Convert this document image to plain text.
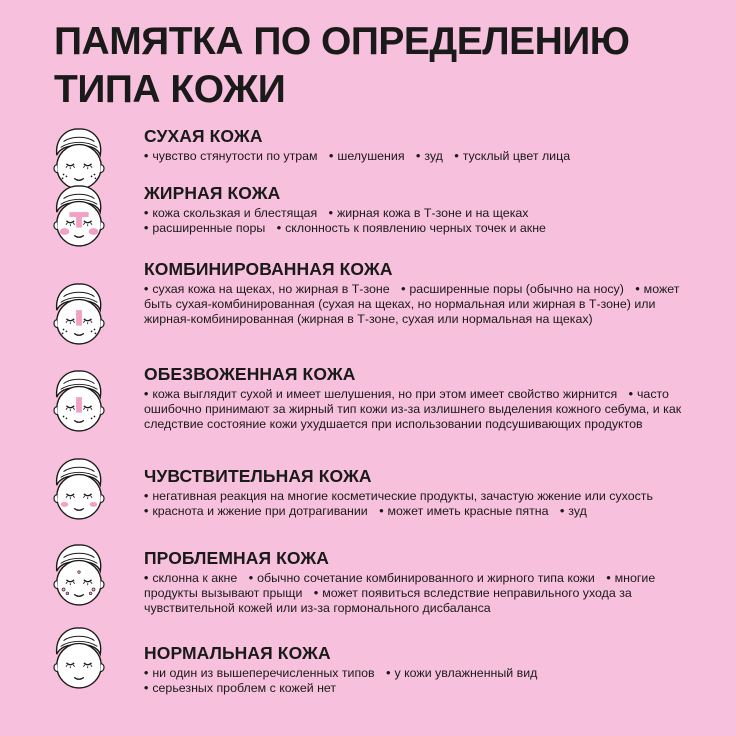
ПАМЯТКА ПО ОПРЕДЕЛЕНИЮ
ТИПА КОЖИ

СУХАЯ КОЖА

• чувство стянутости по утрам • шелушения • зуд • тусклый цвет лица

ЖИРНАЯ КОЖА

• кожа скользкая и блестящая • жирная кожа в Т-зоне и на щеках
• расширенные поры • склонность к появлению черных точек и акне

КОМБИНИРОВАННАЯ КОЖА

• сухая кожа на щеках, но жирная в Т-зоне • расширенные поры (обычно на носу) • может быть сухая-комбинированная (сухая на щеках, но нормальная или жирная в Т-зоне) или жирная-комбинированная (жирная в Т-зоне, сухая или нормальная на щеках)

ОБЕЗВОЖЕННАЯ КОЖА

• кожа выглядит сухой и имеет шелушения, но при этом имеет свойство жирнится • часто ошибочно принимают за жирный тип кожи из-за излишнего выделения кожного себума, и как следствие состояние кожи ухудшается при использовании подсушивающих продуктов

ЧУВСТВИТЕЛЬНАЯ КОЖА

• негативная реакция на многие косметические продукты, зачастую жжение или сухость • краснота и жжение при дотрагивании • может иметь красные пятна • зуд

ПРОБЛЕМНАЯ КОЖА

• склонна к акне • обычно сочетание комбинированного и жирного типа кожи • многие продукты вызывают прыщи • может появиться вследствие неправильного ухода за чувствительной кожей или из-за гормонального дисбаланса

НОРМАЛЬНАЯ КОЖА

• ни один из вышеперечисленных типов • у кожи увлажненный вид • серьезных проблем с кожей нет
